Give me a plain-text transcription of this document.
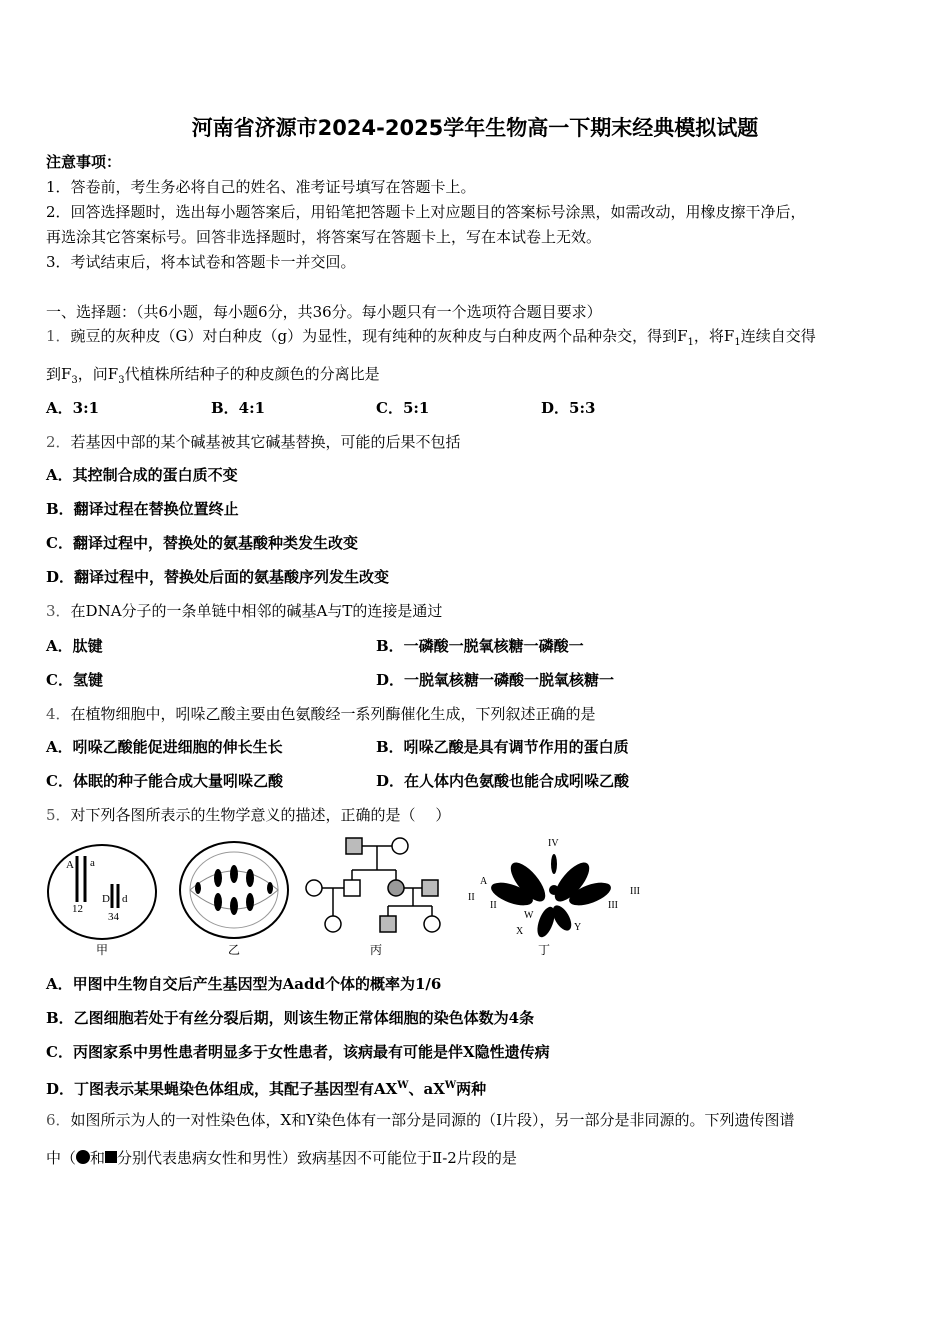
河南省济源市2024-2025学年生物高一下期末经典模拟试题
注意事项：
1．答卷前，考生务必将自己的姓名、准考证号填写在答题卡上。
2．回答选择题时，选出每小题答案后，用铅笔把答题卡上对应题目的答案标号涂黑，如需改动，用橡皮擦干净后，
再选涂其它答案标号。回答非选择题时，将答案写在答题卡上，写在本试卷上无效。
3．考试结束后，将本试卷和答题卡一并交回。
一、选择题：（共6小题，每小题6分，共36分。每小题只有一个选项符合题目要求）
1．豌豆的灰种皮（G）对白种皮（g）为显性，现有纯种的灰种皮与白种皮两个品种杂交，得到$F_1$，将$F_1$连续自交得
到$F_3$，问$F_3$代植株所结种子的种皮颜色的分离比是
A．3:1	B．4:1	C．5:1	D．5:3
2．若基因中部的某个碱基被其它碱基替换，可能的后果不包括
A．其控制合成的蛋白质不变
B．翻译过程在替换位置终止
C．翻译过程中，替换处的氨基酸种类发生改变
D．翻译过程中，替换处后面的氨基酸序列发生改变
3．在DNA分子的一条单链中相邻的碱基A与T的连接是通过
A．肽键	B．一磷酸一脱氧核糖一磷酸一
C．氢键	D．一脱氧核糖一磷酸一脱氧核糖一
4．在植物细胞中，吲哚乙酸主要由色氨酸经一系列酶催化生成，下列叙述正确的是
A．吲哚乙酸能促进细胞的伸长生长	B．吲哚乙酸是具有调节作用的蛋白质
C．体眠的种子能合成大量吲哚乙酸	D．在人体内色氨酸也能合成吲哚乙酸
5．对下列各图所表示的生物学意义的描述，正确的是（　 ）
A a
12
D d
34
甲	乙	丙
IV
A
a
II
II
III
III
W
X	Y
丁
A．甲图中生物自交后产生基因型为Aadd个体的概率为1/6
B．乙图细胞若处于有丝分裂后期，则该生物正常体细胞的染色体数为4条
C．丙图家系中男性患者明显多于女性患者，该病最有可能是伴X隐性遗传病
D．丁图表示某果蝇染色体组成，其配子基因型有$AX^W$、$aX^W$两种
6．如图所示为人的一对性染色体，X和Y染色体有一部分是同源的（Ⅰ片段），另一部分是非同源的。下列遗传图谱
中（ 和 分别代表患病女性和男性）致病基因不可能位于Ⅱ-2片段的是
